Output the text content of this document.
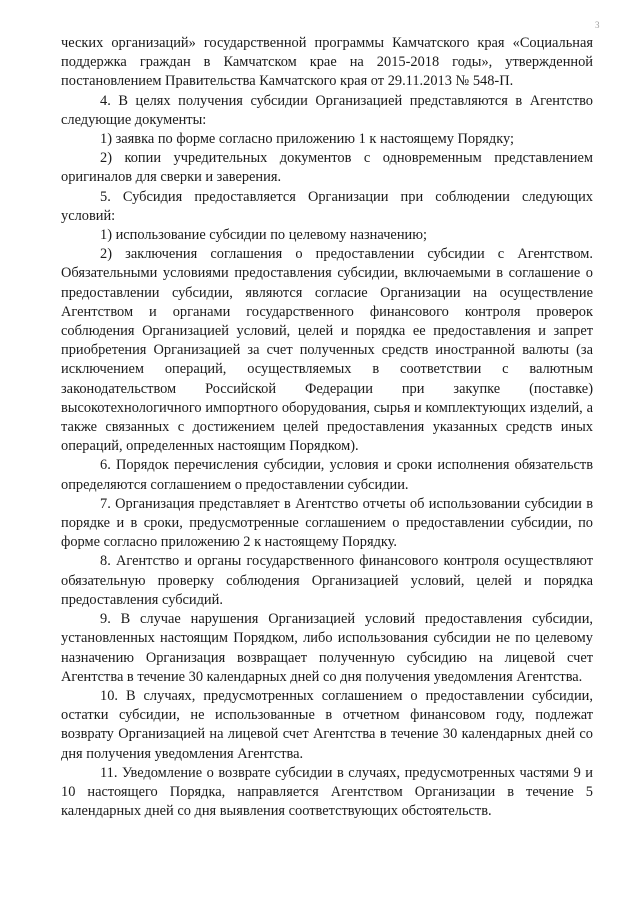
3

ческих организаций» государственной программы Камчатского края «Социальная поддержка граждан в Камчатском крае на 2015-2018 годы», утвержденной постановлением Правительства Камчатского края от 29.11.2013 № 548-П.

4. В целях получения субсидии Организацией представляются в Агентство следующие документы:

1) заявка по форме согласно приложению 1 к настоящему Порядку;

2) копии учредительных документов с одновременным представлением оригиналов для сверки и заверения.

5. Субсидия предоставляется Организации при соблюдении следующих условий:

1) использование субсидии по целевому назначению;

2) заключения соглашения о предоставлении субсидии с Агентством. Обязательными условиями предоставления субсидии, включаемыми в соглашение о предоставлении субсидии, являются согласие Организации на осуществление Агентством и органами государственного финансового контроля проверок соблюдения Организацией условий, целей и порядка ее предоставления и запрет приобретения Организацией за счет полученных средств иностранной валюты (за исключением операций, осуществляемых в соответствии с валютным законодательством Российской Федерации при закупке (поставке) высокотехнологичного импортного оборудования, сырья и комплектующих изделий, а также связанных с достижением целей предоставления указанных средств иных операций, определенных настоящим Порядком).

6. Порядок перечисления субсидии, условия и сроки исполнения обязательств определяются соглашением о предоставлении субсидии.

7. Организация представляет в Агентство отчеты об использовании субсидии в порядке и в сроки, предусмотренные соглашением о предоставлении субсидии, по форме согласно приложению 2 к настоящему Порядку.

8. Агентство и органы государственного финансового контроля осуществляют обязательную проверку соблюдения Организацией условий, целей и порядка предоставления субсидий.

9. В случае нарушения Организацией условий предоставления субсидии, установленных настоящим Порядком, либо использования субсидии не по целевому назначению Организация возвращает полученную субсидию на лицевой счет Агентства в течение 30 календарных дней со дня получения уведомления Агентства.

10. В случаях, предусмотренных соглашением о предоставлении субсидии, остатки субсидии, не использованные в отчетном финансовом году, подлежат возврату Организацией на лицевой счет Агентства в течение 30 календарных дней со дня получения уведомления Агентства.

11. Уведомление о возврате субсидии в случаях, предусмотренных частями 9 и 10 настоящего Порядка, направляется Агентством Организации в течение 5 календарных дней со дня выявления соответствующих обстоятельств.
